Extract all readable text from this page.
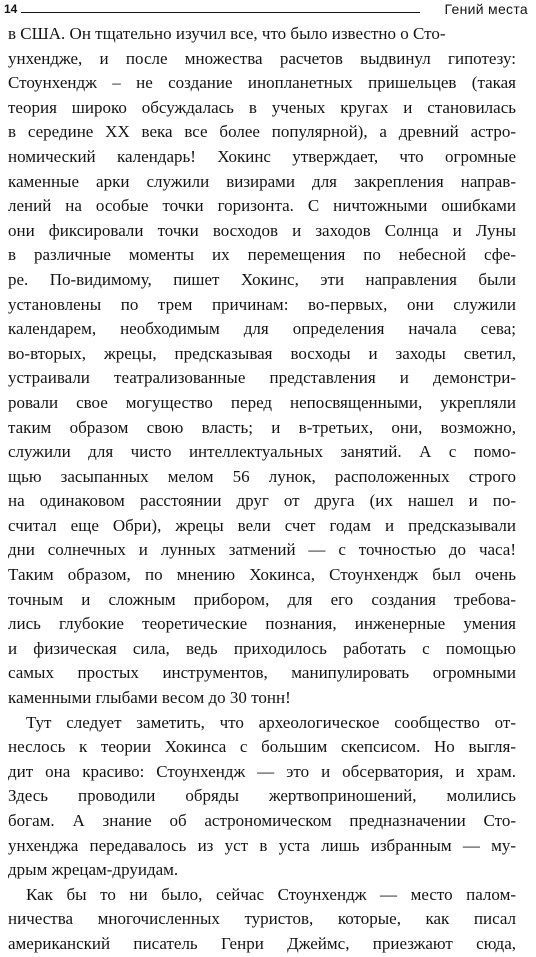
14	Гений места
в США. Он тщательно изучил все, что было известно о Сто-
унхендже, и после множества расчетов выдвинул гипотезу:
Стоунхендж – не создание инопланетных пришельцев (такая
теория широко обсуждалась в ученых кругах и становилась
в середине XX века все более популярной), а древний астро-
номический календарь! Хокинс утверждает, что огромные
каменные арки служили визирами для закрепления направ-
лений на особые точки горизонта. С ничтожными ошибками
они фиксировали точки восходов и заходов Солнца и Луны
в различные моменты их перемещения по небесной сфе-
ре. По-видимому, пишет Хокинс, эти направления были
установлены по трем причинам: во-первых, они служили
календарем, необходимым для определения начала сева;
во-вторых, жрецы, предсказывая восходы и заходы светил,
устраивали театрализованные представления и демонстри-
ровали свое могущество перед непосвященными, укрепляли
таким образом свою власть; и в-третьих, они, возможно,
служили для чисто интеллектуальных занятий. А с помо-
щью засыпанных мелом 56 лунок, расположенных строго
на одинаковом расстоянии друг от друга (их нашел и по-
считал еще Обри), жрецы вели счет годам и предсказывали
дни солнечных и лунных затмений — с точностью до часа!
Таким образом, по мнению Хокинса, Стоунхендж был очень
точным и сложным прибором, для его создания требова-
лись глубокие теоретические познания, инженерные умения
и физическая сила, ведь приходилось работать с помощью
самых простых инструментов, манипулировать огромными
каменными глыбами весом до 30 тонн!
Тут следует заметить, что археологическое сообщество от-
неслось к теории Хокинса с большим скепсисом. Но выгля-
дит она красиво: Стоунхендж — это и обсерватория, и храм.
Здесь проводили обряды жертвоприношений, молились
богам. А знание об астрономическом предназначении Сто-
унхенджа передавалось из уст в уста лишь избранным — му-
дрым жрецам-друидам.
Как бы то ни было, сейчас Стоунхендж — место палом-
ничества многочисленных туристов, которые, как писал
американский писатель Генри Джеймс, приезжают сюда,
